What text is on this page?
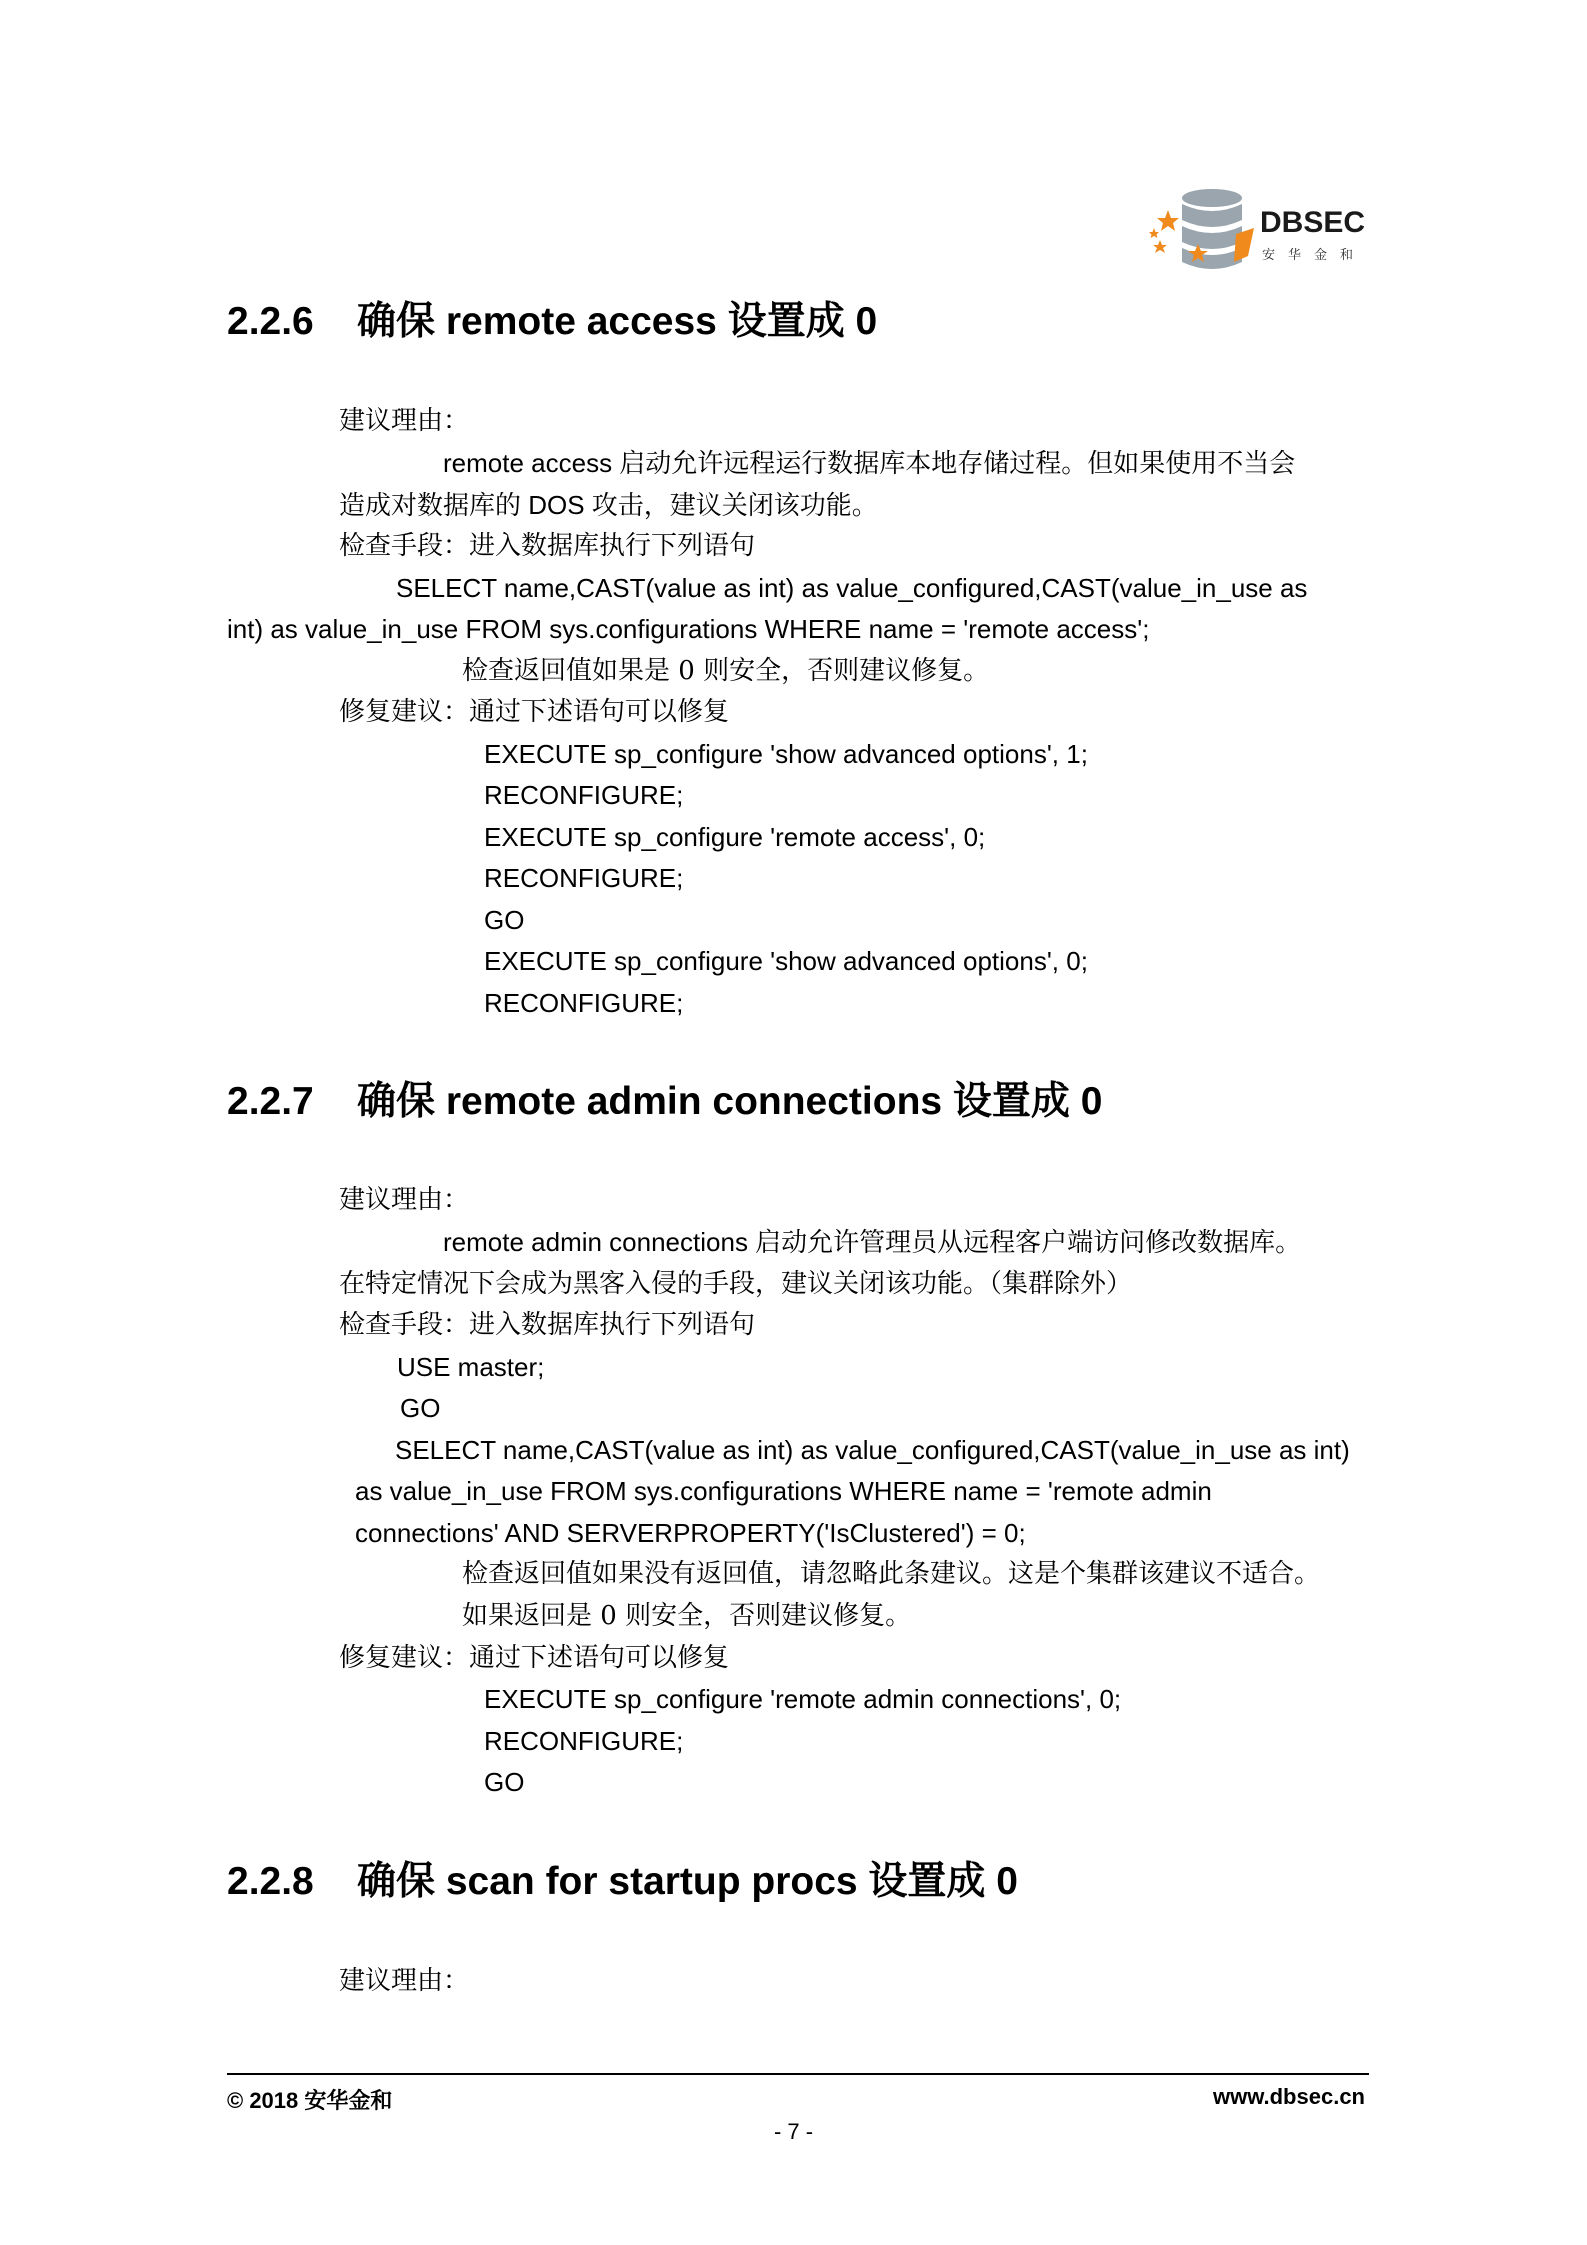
DBSEC
安华金和
2.2.6 确保 remote access 设置成 0
建议理由：
remote access 启动允许远程运行数据库本地存储过程。但如果使用不当会
造成对数据库的 DOS 攻击，建议关闭该功能。
检查手段：进入数据库执行下列语句
SELECT name,CAST(value as int) as value_configured,CAST(value_in_use as
int) as value_in_use FROM sys.configurations WHERE name = 'remote access';
检查返回值如果是 0 则安全，否则建议修复。
修复建议：通过下述语句可以修复
EXECUTE sp_configure 'show advanced options', 1;
RECONFIGURE;
EXECUTE sp_configure 'remote access', 0;
RECONFIGURE;
GO
EXECUTE sp_configure 'show advanced options', 0;
RECONFIGURE;
2.2.7 确保 remote admin connections 设置成 0
建议理由：
remote admin connections 启动允许管理员从远程客户端访问修改数据库。
在特定情况下会成为黑客入侵的手段，建议关闭该功能。（集群除外）
检查手段：进入数据库执行下列语句
USE master;
GO
SELECT name,CAST(value as int) as value_configured,CAST(value_in_use as int)
as value_in_use FROM sys.configurations WHERE name = 'remote admin
connections' AND SERVERPROPERTY('IsClustered') = 0;
检查返回值如果没有返回值，请忽略此条建议。这是个集群该建议不适合。
如果返回是 0 则安全，否则建议修复。
修复建议：通过下述语句可以修复
EXECUTE sp_configure 'remote admin connections', 0;
RECONFIGURE;
GO
2.2.8 确保 scan for startup procs 设置成 0
建议理由：
© 2018 安华金和	www.dbsec.cn
- 7 -
